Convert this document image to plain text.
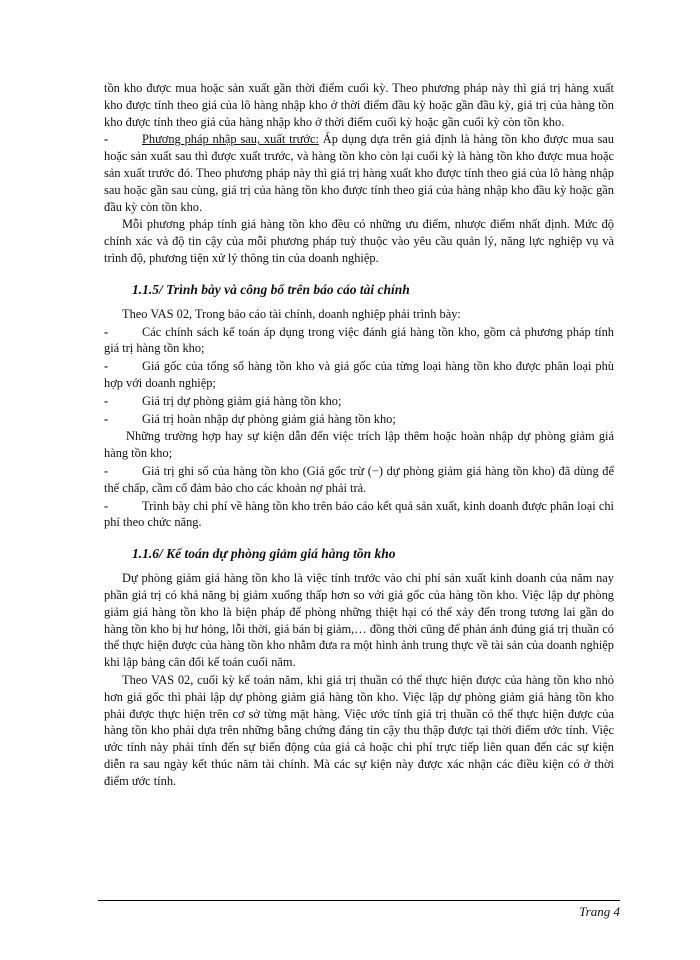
tồn kho được mua hoặc sản xuất gần thời điểm cuối kỳ. Theo phương pháp này thì giá trị hàng xuất kho được tính theo giá của lô hàng nhập kho ở thời điểm đầu kỳ hoặc gần đầu kỳ, giá trị của hàng tồn kho được tính theo giá của hàng nhập kho ở thời điểm cuối kỳ hoặc gần cuối kỳ còn tồn kho.

-	Phương pháp nhập sau, xuất trước: Áp dụng dựa trên giả định là hàng tồn kho được mua sau hoặc sản xuất sau thì được xuất trước, và hàng tồn kho còn lại cuối kỳ là hàng tồn kho được mua hoặc sản xuất trước đó. Theo phương pháp này thì giá trị hàng xuất kho được tính theo giá của lô hàng nhập sau hoặc gần sau cùng, giá trị của hàng tồn kho được tính theo giá của hàng nhập kho đầu kỳ hoặc gần đầu kỳ còn tồn kho.

Mỗi phương pháp tính giá hàng tồn kho đều có những ưu điểm, nhược điểm nhất định. Mức độ chính xác và độ tin cậy của mỗi phương pháp tuỳ thuộc vào yêu cầu quản lý, năng lực nghiệp vụ và trình độ, phương tiện xử lý thông tin của doanh nghiệp.

1.1.5/ Trình bày và công bố trên báo cáo tài chính

Theo VAS 02, Trong báo cáo tài chính, doanh nghiệp phải trình bày:

-	Các chính sách kế toán áp dụng trong việc đánh giá hàng tồn kho, gồm cả phương pháp tính giá trị hàng tồn kho;

-	Giá gốc của tổng số hàng tồn kho và giá gốc của từng loại hàng tồn kho được phân loại phù hợp với doanh nghiệp;

-	Giá trị dự phòng giảm giá hàng tồn kho;

-	Giá trị hoàn nhập dự phòng giảm giá hàng tồn kho;

Những trường hợp hay sự kiện dẫn đến việc trích lập thêm hoặc hoàn nhập dự phòng giảm giá hàng tồn kho;

-	Giá trị ghi sổ của hàng tồn kho (Giá gốc trừ (−) dự phòng giảm giá hàng tồn kho) đã dùng để thế chấp, cầm cố đảm bảo cho các khoản nợ phải trả.

-	Trình bày chi phí về hàng tồn kho trên báo cáo kết quả sản xuất, kinh doanh được phân loại chi phí theo chức năng.

1.1.6/ Kế toán dự phòng giảm giá hàng tồn kho

Dự phòng giảm giá hàng tồn kho là việc tính trước vào chi phí sản xuất kinh doanh của năm nay phần giá trị có khả năng bị giảm xuống thấp hơn so với giá gốc của hàng tồn kho. Việc lập dự phòng giảm giá hàng tồn kho là biện pháp để phòng những thiệt hại có thể xảy đến trong tương lai gần do hàng tồn kho bị hư hỏng, lỗi thời, giá bán bị giảm,… đồng thời cũng để phản ánh đúng giá trị thuần có thể thực hiện được của hàng tồn kho nhằm đưa ra một hình ảnh trung thực về tài sản của doanh nghiệp khi lập bảng cân đối kế toán cuối năm.

Theo VAS 02, cuối kỳ kế toán năm, khi giá trị thuần có thể thực hiện được của hàng tồn kho nhỏ hơn giá gốc thì phải lập dự phòng giảm giá hàng tồn kho. Việc lập dự phòng giảm giá hàng tồn kho phải được thực hiện trên cơ sở từng mặt hàng. Việc ước tính giá trị thuần có thể thực hiện được của hàng tồn kho phải dựa trên những bằng chứng đáng tin cậy thu thập được tại thời điểm ước tính. Việc ước tính này phải tính đến sự biến động của giá cả hoặc chi phí trực tiếp liên quan đến các sự kiện diễn ra sau ngày kết thúc năm tài chính. Mà các sự kiện này được xác nhận các điều kiện có ở thời điểm ước tính.

Trang 4
